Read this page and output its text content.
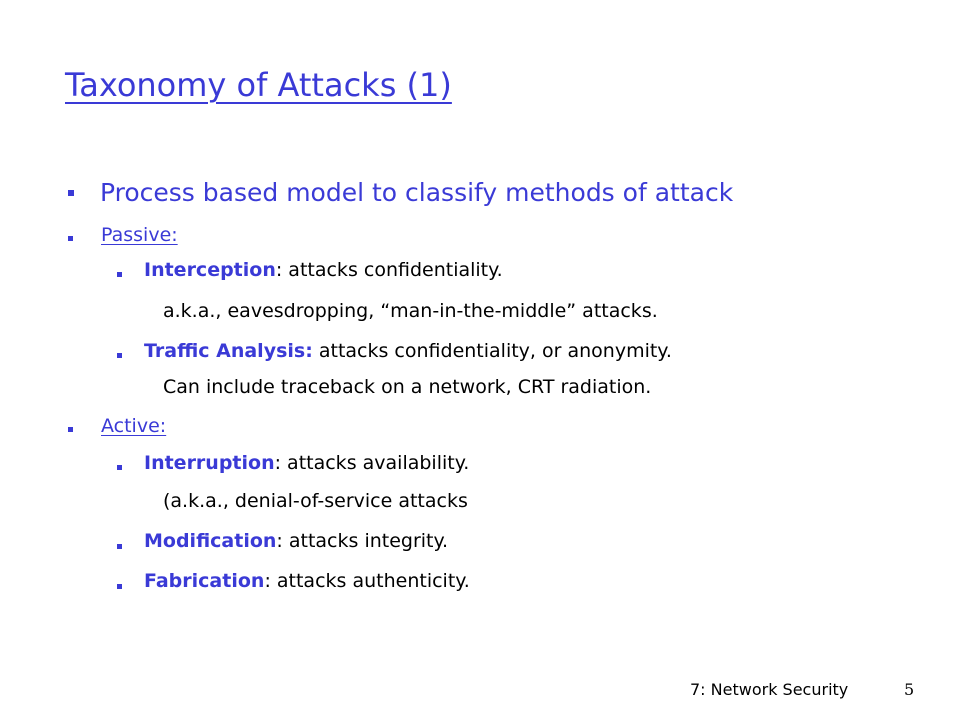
Taxonomy of Attacks (1)
Process based model to classify methods of attack
Passive:
Interception: attacks confidentiality.
a.k.a., eavesdropping, “man-in-the-middle” attacks.
Traffic Analysis: attacks confidentiality, or anonymity.
Can include traceback on a network, CRT radiation.
Active:
Interruption: attacks availability.
(a.k.a., denial-of-service attacks
Modification: attacks integrity.
Fabrication: attacks authenticity.
7: Network Security	5
